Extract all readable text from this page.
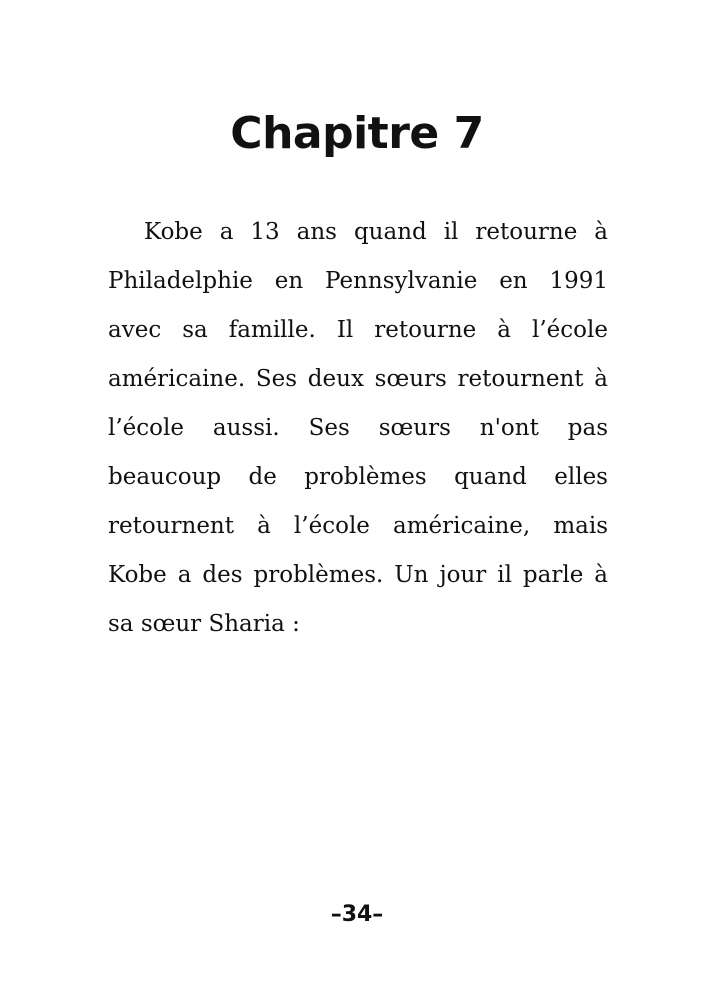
Chapitre 7

Kobe a 13 ans quand il retourne à Philadelphie en Pennsylvanie en 1991 avec sa famille. Il retourne à l’école américaine. Ses deux sœurs retournent à l’école aussi. Ses sœurs n'ont pas beaucoup de problèmes quand elles retournent à l’école américaine, mais Kobe a des problèmes. Un jour il parle à sa sœur Sharia :

–34–
